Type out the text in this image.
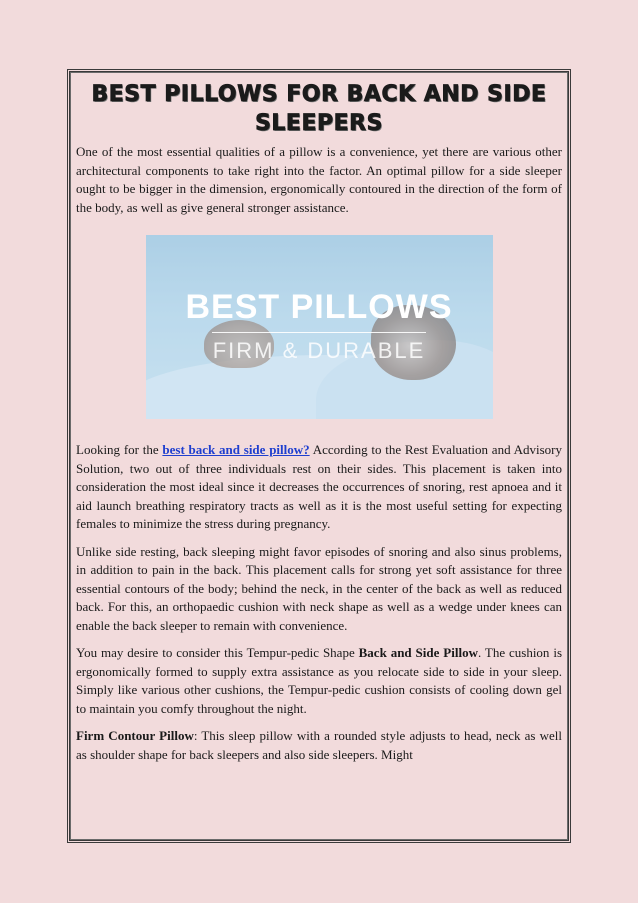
BEST PILLOWS FOR BACK AND SIDE SLEEPERS

One of the most essential qualities of a pillow is a convenience, yet there are various other architectural components to take right into the factor. An optimal pillow for a side sleeper ought to be bigger in the dimension, ergonomically contoured in the direction of the form of the body, as well as give general stronger assistance.

BEST PILLOWS
FIRM & DURABLE

Looking for the best back and side pillow? According to the Rest Evaluation and Advisory Solution, two out of three individuals rest on their sides. This placement is taken into consideration the most ideal since it decreases the occurrences of snoring, rest apnoea and it aid launch breathing respiratory tracts as well as it is the most useful setting for expecting females to minimize the stress during pregnancy.

Unlike side resting, back sleeping might favor episodes of snoring and also sinus problems, in addition to pain in the back. This placement calls for strong yet soft assistance for three essential contours of the body; behind the neck, in the center of the back as well as reduced back. For this, an orthopaedic cushion with neck shape as well as a wedge under knees can enable the back sleeper to remain with convenience.

You may desire to consider this Tempur-pedic Shape Back and Side Pillow. The cushion is ergonomically formed to supply extra assistance as you relocate side to side in your sleep. Simply like various other cushions, the Tempur-pedic cushion consists of cooling down gel to maintain you comfy throughout the night.

Firm Contour Pillow: This sleep pillow with a rounded style adjusts to head, neck as well as shoulder shape for back sleepers and also side sleepers. Might
